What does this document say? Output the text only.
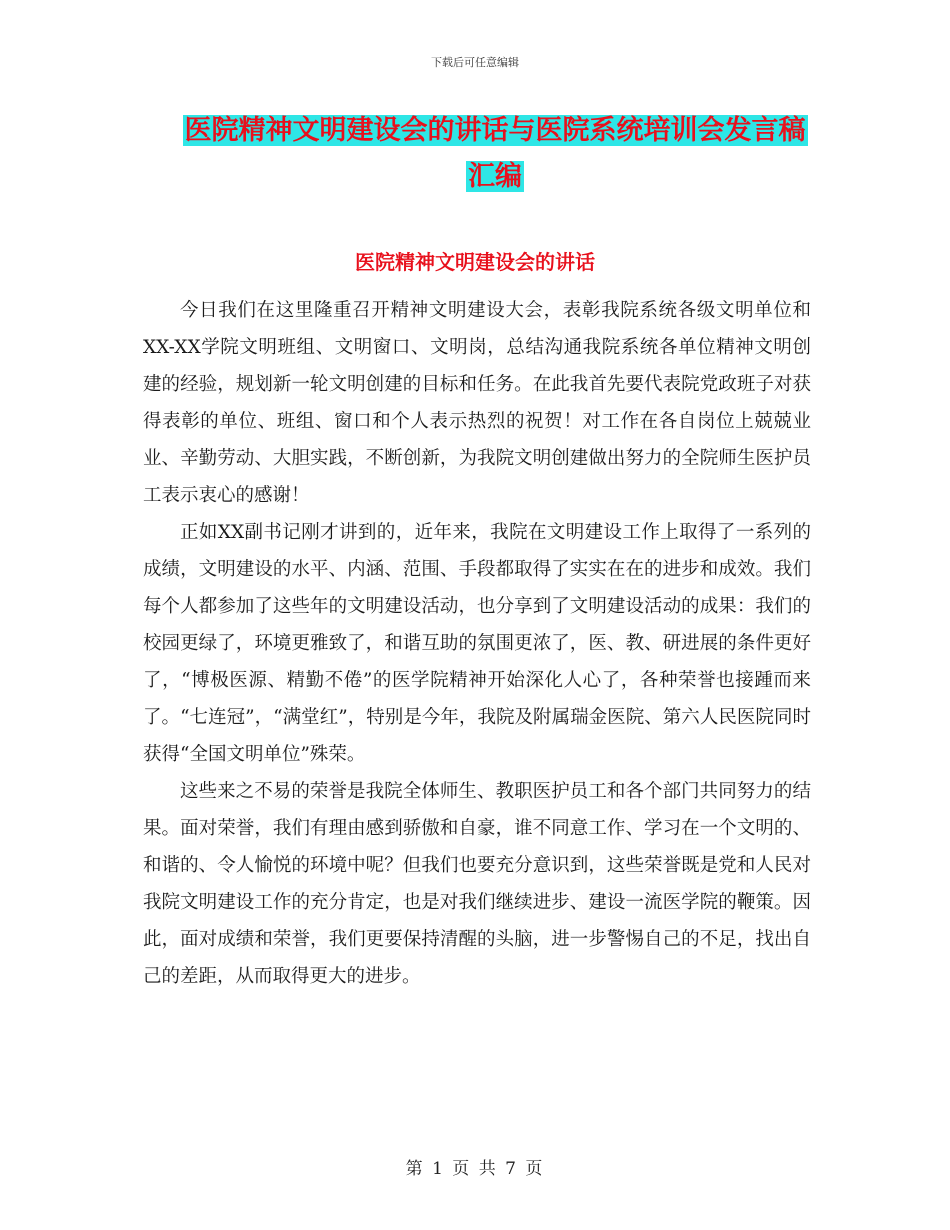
下载后可任意编辑
医院精神文明建设会的讲话与医院系统培训会发言稿
汇编
医院精神文明建设会的讲话

今日我们在这里隆重召开精神文明建设大会，表彰我院系统各级文明单位和XX-XX学院文明班组、文明窗口、文明岗，总结沟通我院系统各单位精神文明创建的经验，规划新一轮文明创建的目标和任务。在此我首先要代表院党政班子对获得表彰的单位、班组、窗口和个人表示热烈的祝贺！对工作在各自岗位上兢兢业业、辛勤劳动、大胆实践，不断创新，为我院文明创建做出努力的全院师生医护员工表示衷心的感谢！

正如XX副书记刚才讲到的，近年来，我院在文明建设工作上取得了一系列的成绩，文明建设的水平、内涵、范围、手段都取得了实实在在的进步和成效。我们每个人都参加了这些年的文明建设活动，也分享到了文明建设活动的成果：我们的校园更绿了，环境更雅致了，和谐互助的氛围更浓了，医、教、研进展的条件更好了，“博极医源、精勤不倦”的医学院精神开始深化人心了，各种荣誉也接踵而来了。“七连冠”，“满堂红”，特别是今年，我院及附属瑞金医院、第六人民医院同时获得“全国文明单位”殊荣。

这些来之不易的荣誉是我院全体师生、教职医护员工和各个部门共同努力的结果。面对荣誉，我们有理由感到骄傲和自豪，谁不同意工作、学习在一个文明的、和谐的、令人愉悦的环境中呢？但我们也要充分意识到，这些荣誉既是党和人民对我院文明建设工作的充分肯定，也是对我们继续进步、建设一流医学院的鞭策。因此，面对成绩和荣誉，我们更要保持清醒的头脑，进一步警惕自己的不足，找出自己的差距，从而取得更大的进步。

第 1 页 共 7 页
